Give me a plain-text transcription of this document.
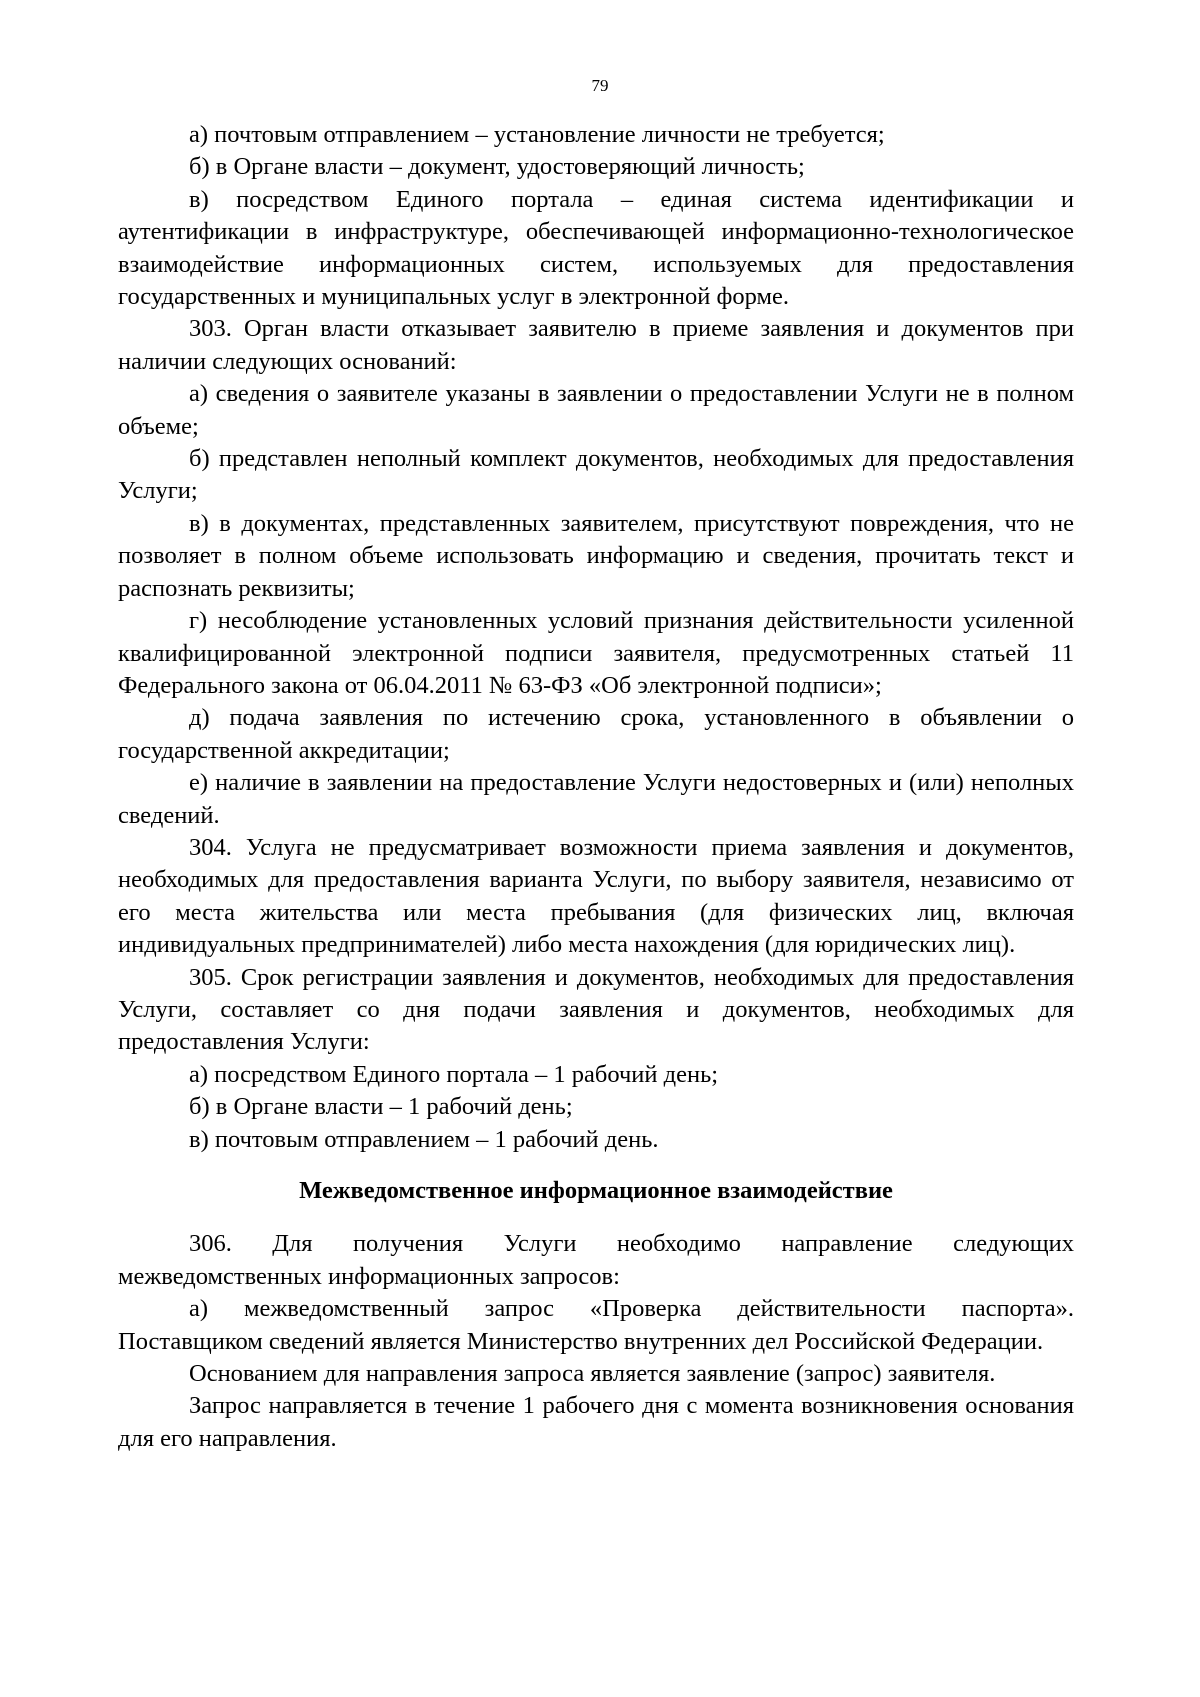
79

а) почтовым отправлением – установление личности не требуется;

б) в Органе власти – документ, удостоверяющий личность;

в) посредством Единого портала – единая система идентификации и аутентификации в инфраструктуре, обеспечивающей информационно-технологическое взаимодействие информационных систем, используемых для предоставления государственных и муниципальных услуг в электронной форме.

303. Орган власти отказывает заявителю в приеме заявления и документов при наличии следующих оснований:

а) сведения о заявителе указаны в заявлении о предоставлении Услуги не в полном объеме;

б) представлен неполный комплект документов, необходимых для предоставления Услуги;

в) в документах, представленных заявителем, присутствуют повреждения, что не позволяет в полном объеме использовать информацию и сведения, прочитать текст и распознать реквизиты;

г) несоблюдение установленных условий признания действительности усиленной квалифицированной электронной подписи заявителя, предусмотренных статьей 11 Федерального закона от 06.04.2011 № 63-ФЗ «Об электронной подписи»;

д) подача заявления по истечению срока, установленного в объявлении о государственной аккредитации;

е) наличие в заявлении на предоставление Услуги недостоверных и (или) неполных сведений.

304. Услуга не предусматривает возможности приема заявления и документов, необходимых для предоставления варианта Услуги, по выбору заявителя, независимо от его места жительства или места пребывания (для физических лиц, включая индивидуальных предпринимателей) либо места нахождения (для юридических лиц).

305. Срок регистрации заявления и документов, необходимых для предоставления Услуги, составляет со дня подачи заявления и документов, необходимых для предоставления Услуги:

а) посредством Единого портала – 1 рабочий день;

б) в Органе власти – 1 рабочий день;

в) почтовым отправлением – 1 рабочий день.

Межведомственное информационное взаимодействие

306. Для получения Услуги необходимо направление следующих межведомственных информационных запросов:

а) межведомственный запрос «Проверка действительности паспорта». Поставщиком сведений является Министерство внутренних дел Российской Федерации.

Основанием для направления запроса является заявление (запрос) заявителя.

Запрос направляется в течение 1 рабочего дня с момента возникновения основания для его направления.
